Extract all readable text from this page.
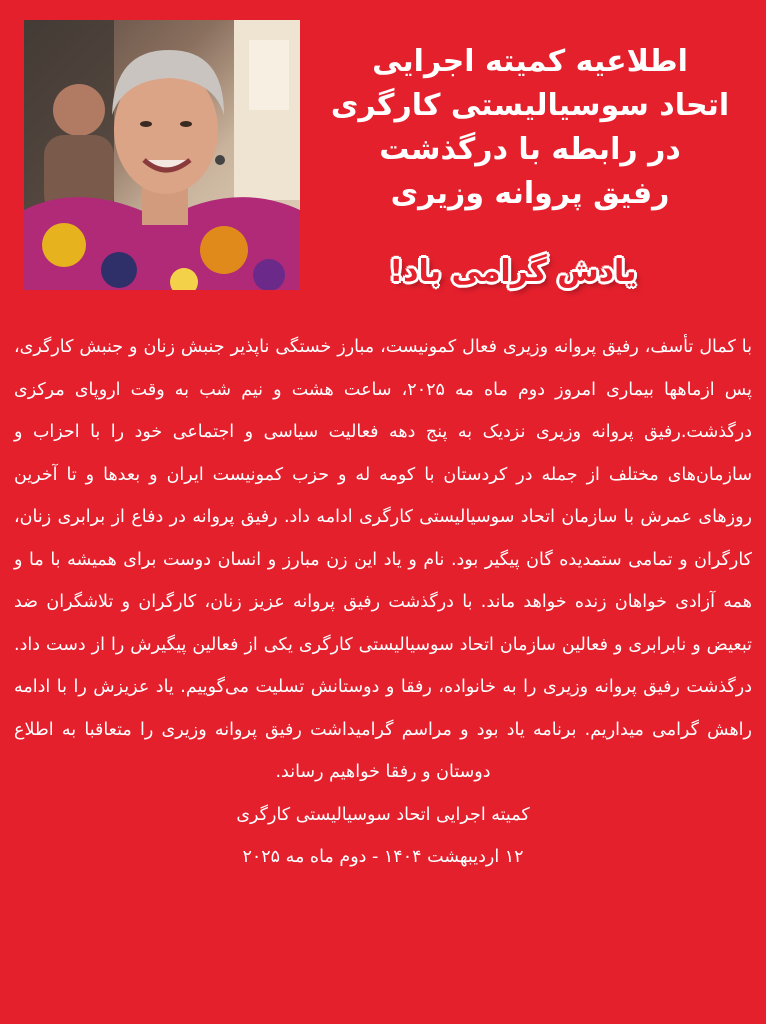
اطلاعیه کمیته اجرایی
اتحاد سوسیالیستی کارگری
در رابطه با درگذشت
رفیق پروانه وزیری
یادش گرامی باد!

با کمال تأسف، رفیق پروانه وزیری فعال کمونیست، مبارز خستگی ناپذیر جنبش زنان و جنبش کارگری، پس ازماهها بیماری امروز دوم ماه مه ۲۰۲۵، ساعت هشت و نیم شب به وقت اروپای مرکزی درگذشت.رفیق پروانه وزیری نزدیک به پنج دهه فعالیت سیاسی و اجتماعی خود را با احزاب و سازمان‌های مختلف از جمله در کردستان با کومه له و حزب کمونیست ایران و بعدها و تا آخرین روزهای عمرش با سازمان اتحاد سوسیالیستی کارگری ادامه داد. رفیق پروانه در دفاع از برابری زنان، کارگران و تمامی ستمدیده گان پیگیر بود. نام و یاد این زن مبارز و انسان دوست برای همیشه با ما و همه آزادی خواهان زنده خواهد ماند. با درگذشت رفیق پروانه عزیز زنان، کارگران و تلاشگران ضد تبعیض و نابرابری و فعالین سازمان اتحاد سوسیالیستی کارگری یکی از فعالین پیگیرش را از دست داد. درگذشت رفیق پروانه وزیری را به خانواده، رفقا و دوستانش تسلیت می‌گوییم. یاد عزیزش را با ادامه راهش گرامی میداریم. برنامه یاد بود و مراسم گرامیداشت رفیق پروانه وزیری را متعاقبا به اطلاع دوستان و رفقا خواهیم رساند.

کمیته اجرایی اتحاد سوسیالیستی کارگری

۱۲ اردیبهشت ۱۴۰۴ - دوم ماه مه ۲۰۲۵
